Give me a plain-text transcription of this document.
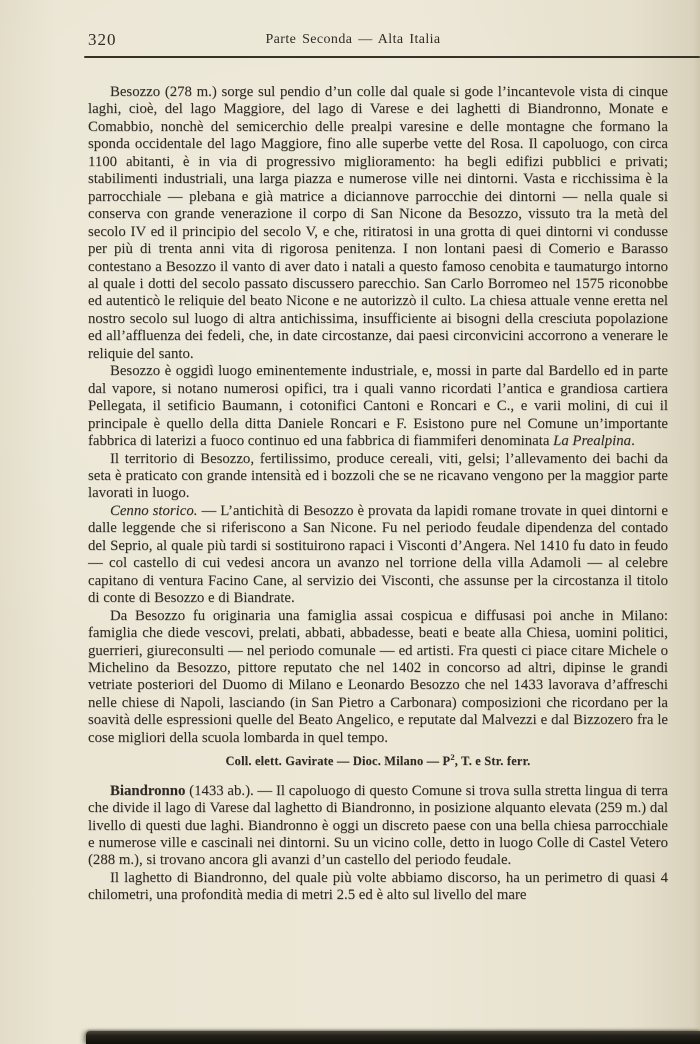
320	Parte Seconda — Alta Italia

Besozzo (278 m.) sorge sul pendio d’un colle dal quale si gode l’incantevole vista di cinque laghi, cioè, del lago Maggiore, del lago di Varese e dei laghetti di Biandronno, Monate e Comabbio, nonchè del semicerchio delle prealpi varesine e delle montagne che formano la sponda occidentale del lago Maggiore, fino alle superbe vette del Rosa. Il capoluogo, con circa 1100 abitanti, è in via di progressivo miglioramento: ha begli edifizi pubblici e privati; stabilimenti industriali, una larga piazza e numerose ville nei dintorni. Vasta e ricchissima è la parrocchiale — plebana e già matrice a diciannove parrocchie dei dintorni — nella quale si conserva con grande venerazione il corpo di San Nicone da Besozzo, vissuto tra la metà del secolo IV ed il principio del secolo V, e che, ritiratosi in una grotta di quei dintorni vi condusse per più di trenta anni vita di rigorosa penitenza. I non lontani paesi di Comerio e Barasso contestano a Besozzo il vanto di aver dato i natali a questo famoso cenobita e taumaturgo intorno al quale i dotti del secolo passato discussero parecchio. San Carlo Borromeo nel 1575 riconobbe ed autenticò le reliquie del beato Nicone e ne autorizzò il culto. La chiesa attuale venne eretta nel nostro secolo sul luogo di altra antichissima, insufficiente ai bisogni della cresciuta popolazione ed all’affluenza dei fedeli, che, in date circostanze, dai paesi circonvicini accorrono a venerare le reliquie del santo.

Besozzo è oggidì luogo eminentemente industriale, e, mossi in parte dal Bardello ed in parte dal vapore, si notano numerosi opifici, tra i quali vanno ricordati l’antica e grandiosa cartiera Pellegata, il setificio Baumann, i cotonifici Cantoni e Roncari e C., e varii molini, di cui il principale è quello della ditta Daniele Roncari e F. Esistono pure nel Comune un’importante fabbrica di laterizi a fuoco continuo ed una fabbrica di fiammiferi denominata La Prealpina.

Il territorio di Besozzo, fertilissimo, produce cereali, viti, gelsi; l’allevamento dei bachi da seta è praticato con grande intensità ed i bozzoli che se ne ricavano vengono per la maggior parte lavorati in luogo.

Cenno storico. — L’antichità di Besozzo è provata da lapidi romane trovate in quei dintorni e dalle leggende che si riferiscono a San Nicone. Fu nel periodo feudale dipendenza del contado del Seprio, al quale più tardi si sostituirono rapaci i Visconti d’Angera. Nel 1410 fu dato in feudo — col castello di cui vedesi ancora un avanzo nel torrione della villa Adamoli — al celebre capitano di ventura Facino Cane, al servizio dei Visconti, che assunse per la circostanza il titolo di conte di Besozzo e di Biandrate.

Da Besozzo fu originaria una famiglia assai cospicua e diffusasi poi anche in Milano: famiglia che diede vescovi, prelati, abbati, abbadesse, beati e beate alla Chiesa, uomini politici, guerrieri, giureconsulti — nel periodo comunale — ed artisti. Fra questi ci piace citare Michele o Michelino da Besozzo, pittore reputato che nel 1402 in concorso ad altri, dipinse le grandi vetriate posteriori del Duomo di Milano e Leonardo Besozzo che nel 1433 lavorava d’affreschi nelle chiese di Napoli, lasciando (in San Pietro a Carbonara) composizioni che ricordano per la soavità delle espressioni quelle del Beato Angelico, e reputate dal Malvezzi e dal Bizzozero fra le cose migliori della scuola lombarda in quel tempo.

Coll. elett. Gavirate — Dioc. Milano — $P^2$, T. e Str. ferr.

Biandronno (1433 ab.). — Il capoluogo di questo Comune si trova sulla stretta lingua di terra che divide il lago di Varese dal laghetto di Biandronno, in posizione alquanto elevata (259 m.) dal livello di questi due laghi. Biandronno è oggi un discreto paese con una bella chiesa parrocchiale e numerose ville e cascinali nei dintorni. Su un vicino colle, detto in luogo Colle di Castel Vetero (288 m.), si trovano ancora gli avanzi d’un castello del periodo feudale.

Il laghetto di Biandronno, del quale più volte abbiamo discorso, ha un perimetro di quasi 4 chilometri, una profondità media di metri 2.5 ed è alto sul livello del mare
